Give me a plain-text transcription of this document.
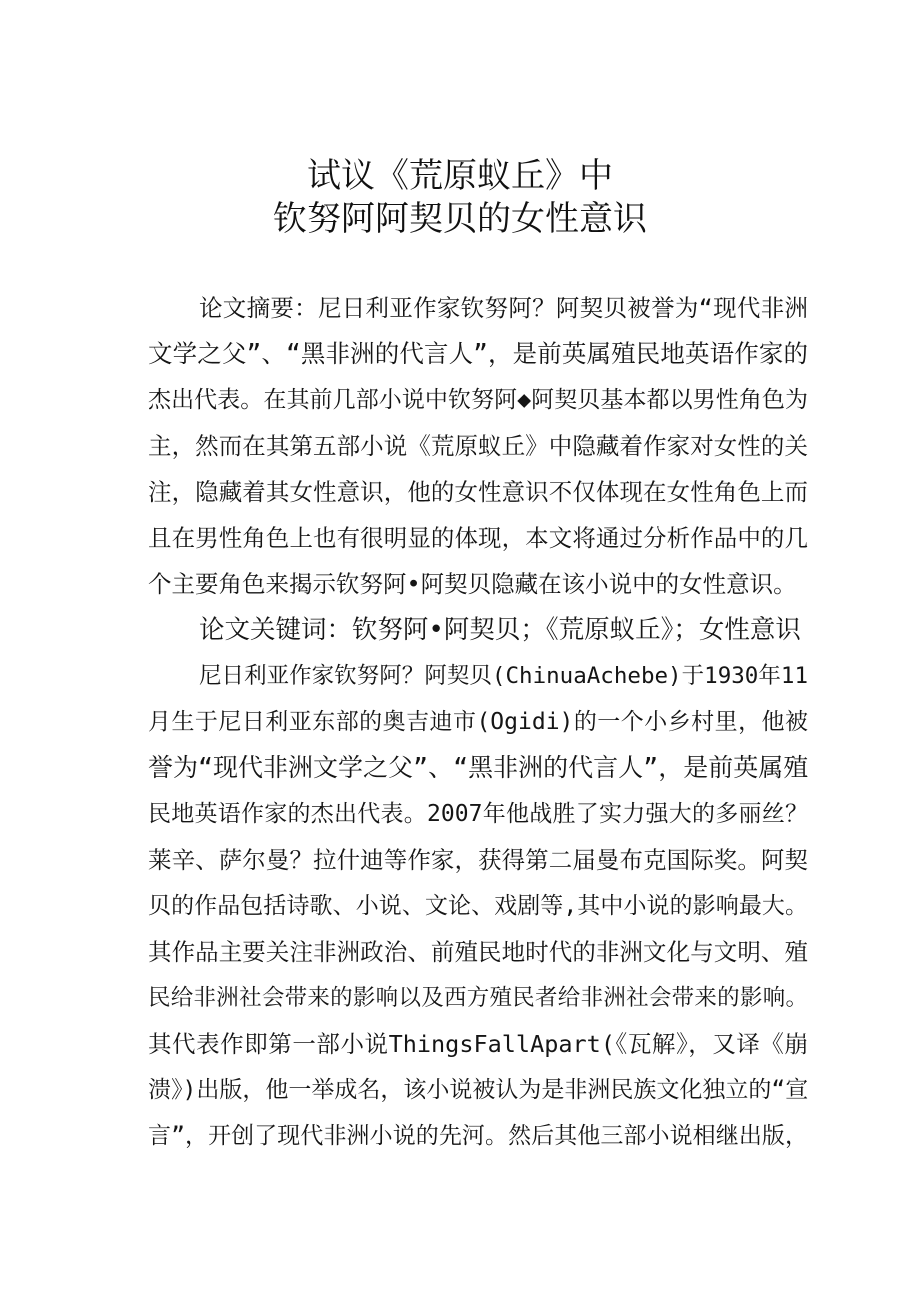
试议《荒原蚁丘》中
钦努阿阿契贝的女性意识
论文摘要：尼日利亚作家钦努阿？阿契贝被誉为“现代非洲
文学之父”、“黑非洲的代言人”，是前英属殖民地英语作家的
杰出代表。在其前几部小说中钦努阿◆阿契贝基本都以男性角色为
主，然而在其第五部小说《荒原蚁丘》中隐藏着作家对女性的关
注，隐藏着其女性意识，他的女性意识不仅体现在女性角色上而
且在男性角色上也有很明显的体现，本文将通过分析作品中的几
个主要角色来揭示钦努阿•阿契贝隐藏在该小说中的女性意识。
论文关键词：钦努阿•阿契贝；《荒原蚁丘》；女性意识
尼日利亚作家钦努阿？阿契贝(ChinuaAchebe)于1930年11
月生于尼日利亚东部的奥吉迪市(Ogidi)的一个小乡村里，他被
誉为“现代非洲文学之父”、“黑非洲的代言人”，是前英属殖
民地英语作家的杰出代表。2007年他战胜了实力强大的多丽丝？
莱辛、萨尔曼？拉什迪等作家，获得第二届曼布克国际奖。阿契
贝的作品包括诗歌、小说、文论、戏剧等,其中小说的影响最大。
其作品主要关注非洲政治、前殖民地时代的非洲文化与文明、殖
民给非洲社会带来的影响以及西方殖民者给非洲社会带来的影响。
其代表作即第一部小说ThingsFallApart(《瓦解》，又译《崩
溃》)出版，他一举成名，该小说被认为是非洲民族文化独立的“宣
言”，开创了现代非洲小说的先河。然后其他三部小说相继出版，
